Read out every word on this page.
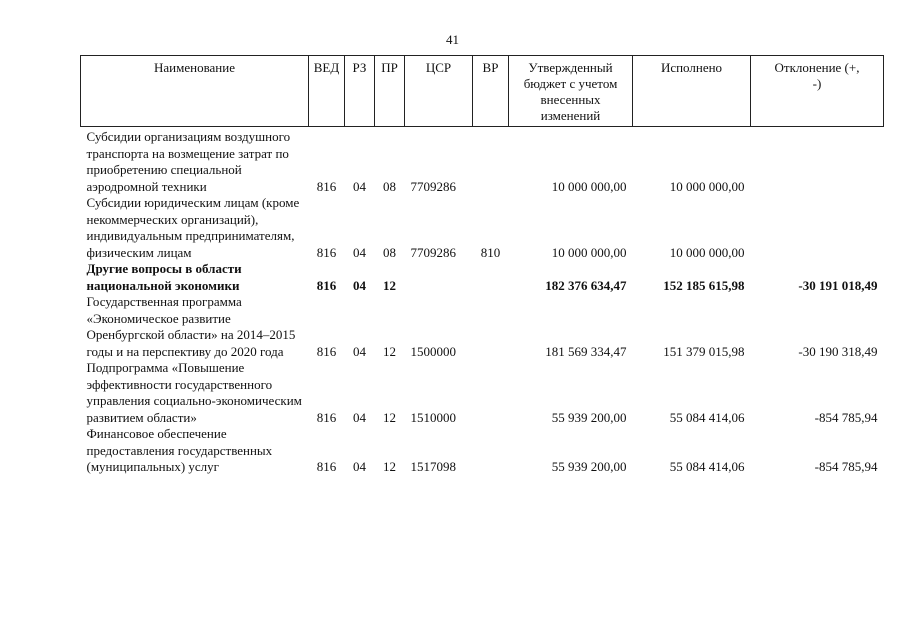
41
Наименование	ВЕД	РЗ	ПР	ЦСР	ВР	Утвержденный бюджет с учетом внесенных изменений	Исполнено	Отклонение (+, -)
Субсидии организациям воздушного транспорта на возмещение затрат по приобретению специальной аэродромной техники	816	04	08	7709286		10 000 000,00	10 000 000,00	
Субсидии юридическим лицам (кроме некоммерческих организаций), индивидуальным предпринимателям, физическим лицам	816	04	08	7709286	810	10 000 000,00	10 000 000,00	
Другие вопросы в области национальной экономики	816	04	12			182 376 634,47	152 185 615,98	-30 191 018,49
Государственная программа «Экономическое развитие Оренбургской области» на 2014–2015 годы и на перспективу до 2020 года	816	04	12	1500000		181 569 334,47	151 379 015,98	-30 190 318,49
Подпрограмма «Повышение эффективности государственного управления социально-экономическим развитием области»	816	04	12	1510000		55 939 200,00	55 084 414,06	-854 785,94
Финансовое обеспечение предоставления государственных (муниципальных) услуг	816	04	12	1517098		55 939 200,00	55 084 414,06	-854 785,94
